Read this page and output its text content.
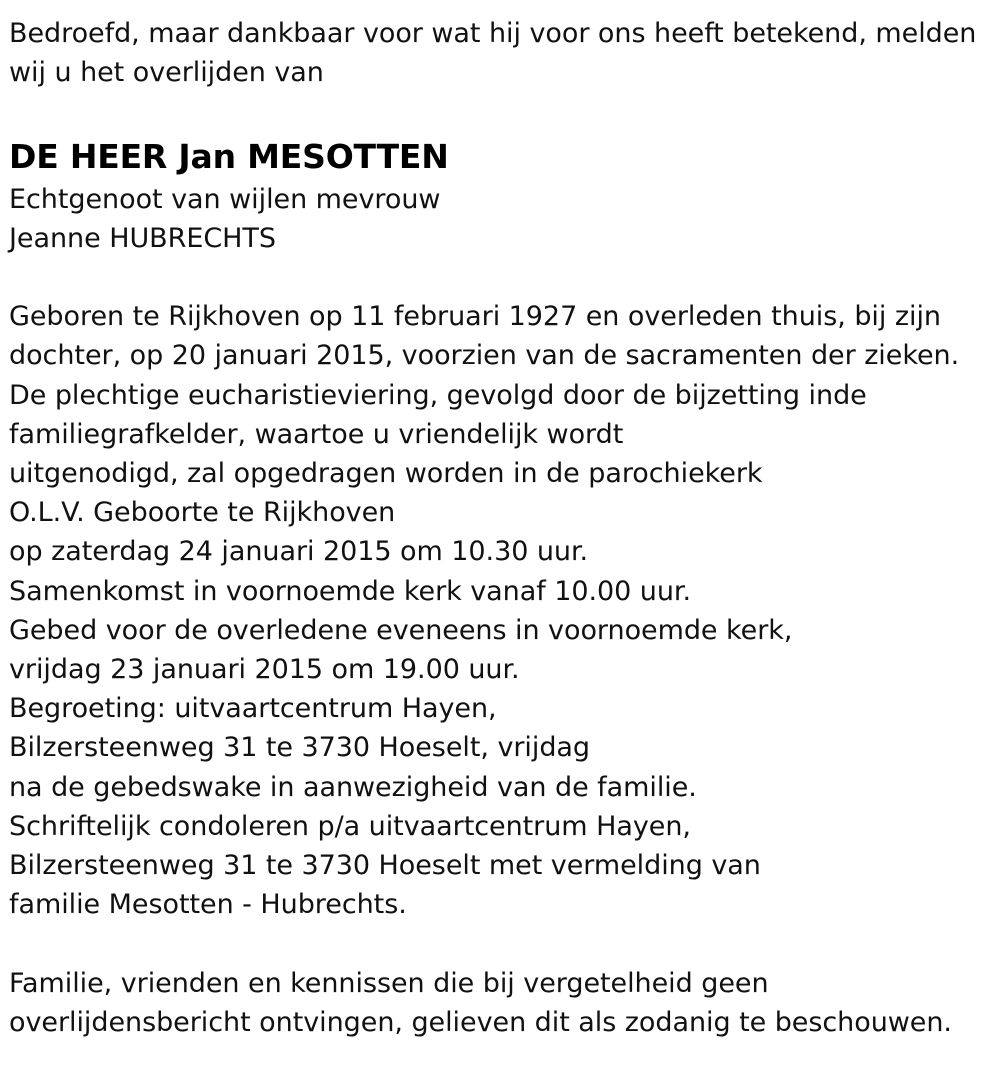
Bedroefd, maar dankbaar voor wat hij voor ons heeft betekend, melden
wij u het overlijden van

DE HEER Jan MESOTTEN
Echtgenoot van wijlen mevrouw
Jeanne HUBRECHTS

Geboren te Rijkhoven op 11 februari 1927 en overleden thuis, bij zijn
dochter, op 20 januari 2015, voorzien van de sacramenten der zieken.
De plechtige eucharistieviering, gevolgd door de bijzetting inde
familiegrafkelder, waartoe u vriendelijk wordt
uitgenodigd, zal opgedragen worden in de parochiekerk
O.L.V. Geboorte te Rijkhoven
op zaterdag 24 januari 2015 om 10.30 uur.
Samenkomst in voornoemde kerk vanaf 10.00 uur.
Gebed voor de overledene eveneens in voornoemde kerk,
vrijdag 23 januari 2015 om 19.00 uur.
Begroeting: uitvaartcentrum Hayen,
Bilzersteenweg 31 te 3730 Hoeselt, vrijdag
na de gebedswake in aanwezigheid van de familie.
Schriftelijk condoleren p/a uitvaartcentrum Hayen,
Bilzersteenweg 31 te 3730 Hoeselt met vermelding van
familie Mesotten - Hubrechts.

Familie, vrienden en kennissen die bij vergetelheid geen
overlijdensbericht ontvingen, gelieven dit als zodanig te beschouwen.
